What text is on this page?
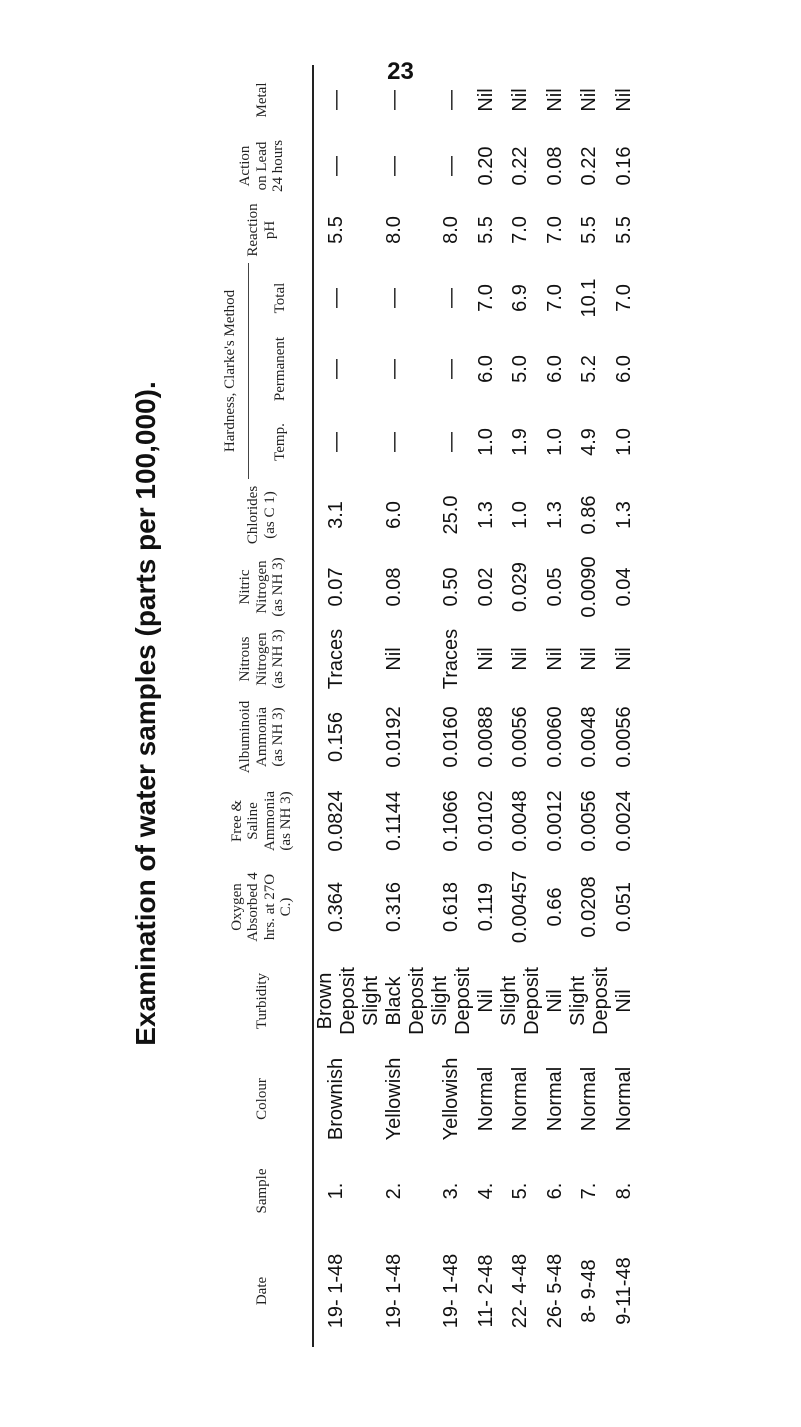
23
Examination of water samples (parts per 100,000).
Date	Sample	Colour	Turbidity	Oxygen Absorbed 4 hrs. at 27O C.)	Free & Saline Ammonia (as NH 3)	Albuminoid Ammonia (as NH 3)	Nitrous Nitrogen (as NH 3)	Nitric Nitrogen (as NH 3)	Chlorides (as C 1)	Hardness, Clarke's Method			Reaction pH	Action on Lead 24 hours	Metal
										Temp.	Permanent	Total			
19- 1-48	1.	Brownish	Brown Deposit	0.364	0.0824	0.156	Traces	0.07	3.1	—	—	—	5.5	—	—
19- 1-48	2.	Yellowish	Slight Black Deposit	0.316	0.1144	0.0192	Nil	0.08	6.0	—	—	—	8.0	—	—
19- 1-48	3.	Yellowish	Slight Deposit	0.618	0.1066	0.0160	Traces	0.50	25.0	—	—	—	8.0	—	—
11- 2-48	4.	Normal	Nil	0.119	0.0102	0.0088	Nil	0.02	1.3	1.0	6.0	7.0	5.5	0.20	Nil
22- 4-48	5.	Normal	Slight Deposit	0.00457	0.0048	0.0056	Nil	0.029	1.0	1.9	5.0	6.9	7.0	0.22	Nil
26- 5-48	6.	Normal	Nil	0.66	0.0012	0.0060	Nil	0.05	1.3	1.0	6.0	7.0	7.0	0.08	Nil
8- 9-48	7.	Normal	Slight Deposit	0.0208	0.0056	0.0048	Nil	0.0090	0.86	4.9	5.2	10.1	5.5	0.22	Nil
9-11-48	8.	Normal	Nil	0.051	0.0024	0.0056	Nil	0.04	1.3	1.0	6.0	7.0	5.5	0.16	Nil
